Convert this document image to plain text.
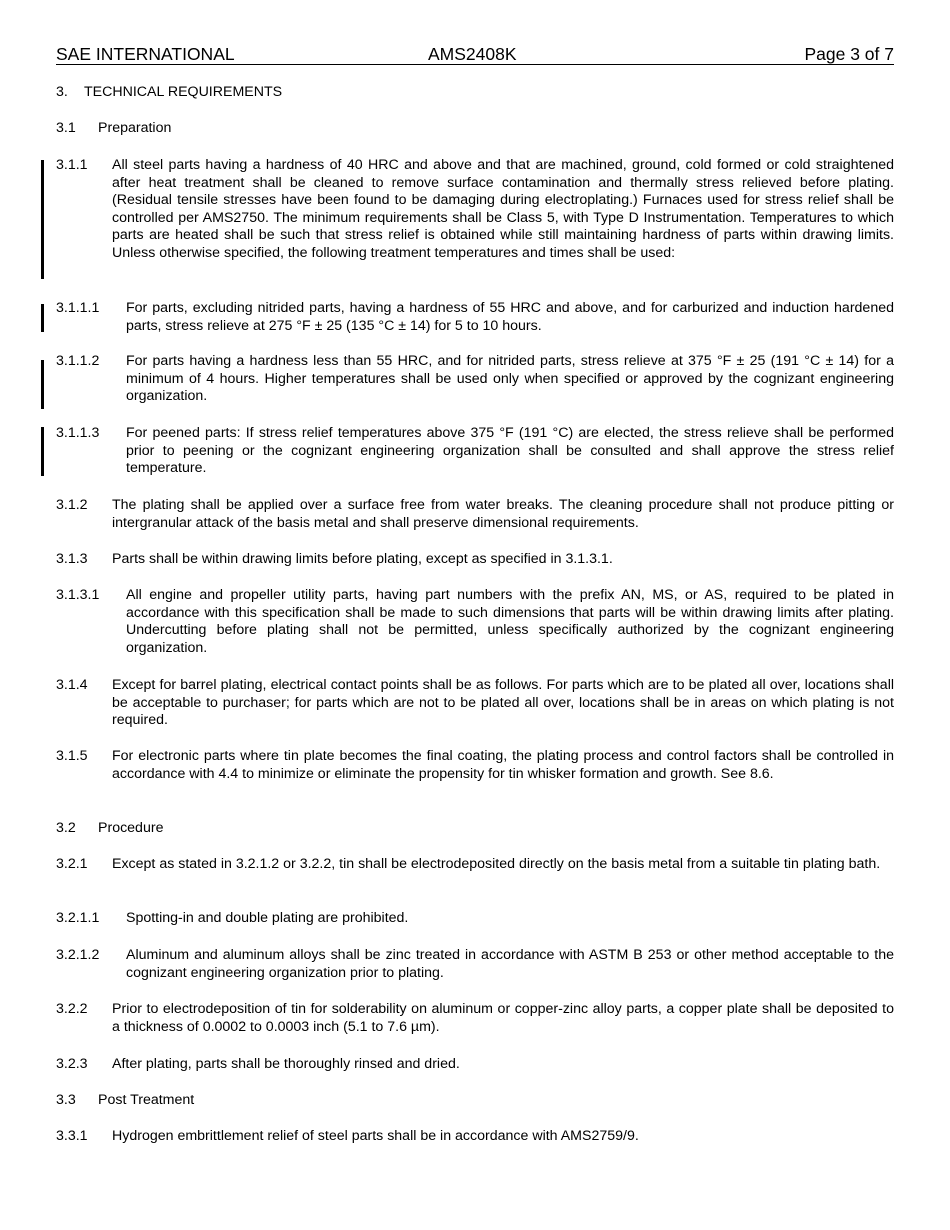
SAE INTERNATIONAL	AMS2408K	Page 3 of 7
3.	TECHNICAL REQUIREMENTS
3.1	Preparation
3.1.1	All steel parts having a hardness of 40 HRC and above and that are machined, ground, cold formed or cold straightened after heat treatment shall be cleaned to remove surface contamination and thermally stress relieved before plating. (Residual tensile stresses have been found to be damaging during electroplating.) Furnaces used for stress relief shall be controlled per AMS2750. The minimum requirements shall be Class 5, with Type D Instrumentation. Temperatures to which parts are heated shall be such that stress relief is obtained while still maintaining hardness of parts within drawing limits. Unless otherwise specified, the following treatment temperatures and times shall be used:
3.1.1.1	For parts, excluding nitrided parts, having a hardness of 55 HRC and above, and for carburized and induction hardened parts, stress relieve at 275 °F ± 25 (135 °C ± 14) for 5 to 10 hours.
3.1.1.2	For parts having a hardness less than 55 HRC, and for nitrided parts, stress relieve at 375 °F ± 25 (191 °C ± 14) for a minimum of 4 hours. Higher temperatures shall be used only when specified or approved by the cognizant engineering organization.
3.1.1.3	For peened parts: If stress relief temperatures above 375 °F (191 °C) are elected, the stress relieve shall be performed prior to peening or the cognizant engineering organization shall be consulted and shall approve the stress relief temperature.
3.1.2	The plating shall be applied over a surface free from water breaks. The cleaning procedure shall not produce pitting or intergranular attack of the basis metal and shall preserve dimensional requirements.
3.1.3	Parts shall be within drawing limits before plating, except as specified in 3.1.3.1.
3.1.3.1	All engine and propeller utility parts, having part numbers with the prefix AN, MS, or AS, required to be plated in accordance with this specification shall be made to such dimensions that parts will be within drawing limits after plating. Undercutting before plating shall not be permitted, unless specifically authorized by the cognizant engineering organization.
3.1.4	Except for barrel plating, electrical contact points shall be as follows. For parts which are to be plated all over, locations shall be acceptable to purchaser; for parts which are not to be plated all over, locations shall be in areas on which plating is not required.
3.1.5	For electronic parts where tin plate becomes the final coating, the plating process and control factors shall be controlled in accordance with 4.4 to minimize or eliminate the propensity for tin whisker formation and growth. See 8.6.
3.2	Procedure
3.2.1	Except as stated in 3.2.1.2 or 3.2.2, tin shall be electrodeposited directly on the basis metal from a suitable tin plating bath.
3.2.1.1	Spotting-in and double plating are prohibited.
3.2.1.2	Aluminum and aluminum alloys shall be zinc treated in accordance with ASTM B 253 or other method acceptable to the cognizant engineering organization prior to plating.
3.2.2	Prior to electrodeposition of tin for solderability on aluminum or copper-zinc alloy parts, a copper plate shall be deposited to a thickness of 0.0002 to 0.0003 inch (5.1 to 7.6 µm).
3.2.3	After plating, parts shall be thoroughly rinsed and dried.
3.3	Post Treatment
3.3.1	Hydrogen embrittlement relief of steel parts shall be in accordance with AMS2759/9.
